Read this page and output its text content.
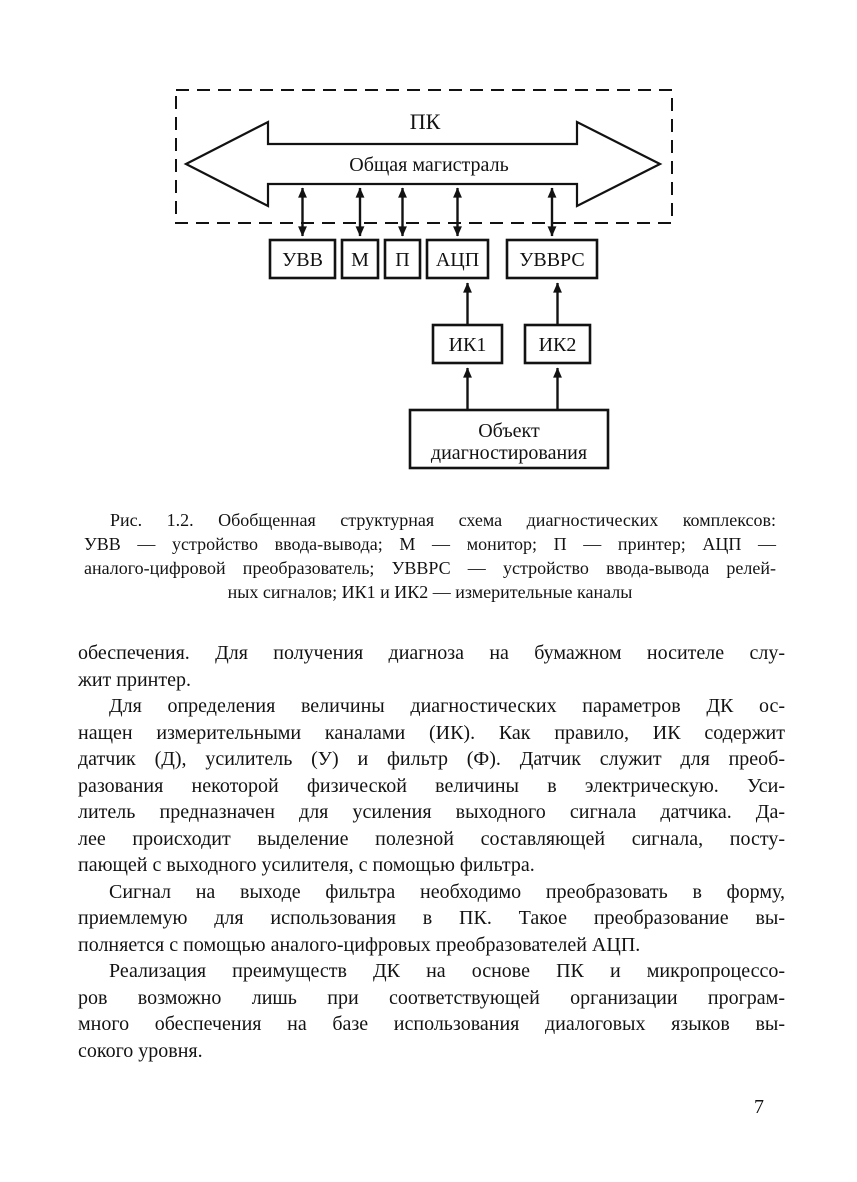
ПК
Общая магистраль
УВВ М П АЦП УВВРС
ИК1	ИК2
Объект
диагностирования
Рис. 1.2. Обобщенная структурная схема диагностических комплексов:
УВВ — устройство ввода-вывода; М — монитор; П — принтер; АЦП —
аналого-цифровой преобразователь; УВВРС — устройство ввода-вывода релей-
ных сигналов; ИК1 и ИК2 — измерительные каналы
обеспечения. Для получения диагноза на бумажном носителе слу-
жит принтер.
Для определения величины диагностических параметров ДК ос-
нащен измерительными каналами (ИК). Как правило, ИК содержит
датчик (Д), усилитель (У) и фильтр (Ф). Датчик служит для преоб-
разования некоторой физической величины в электрическую. Уси-
литель предназначен для усиления выходного сигнала датчика. Да-
лее происходит выделение полезной составляющей сигнала, посту-
пающей с выходного усилителя, с помощью фильтра.
Сигнал на выходе фильтра необходимо преобразовать в форму,
приемлемую для использования в ПК. Такое преобразование вы-
полняется с помощью аналого-цифровых преобразователей АЦП.
Реализация преимуществ ДК на основе ПК и микропроцессо-
ров возможно лишь при соответствующей организации програм-
много обеспечения на базе использования диалоговых языков вы-
сокого уровня.
7
